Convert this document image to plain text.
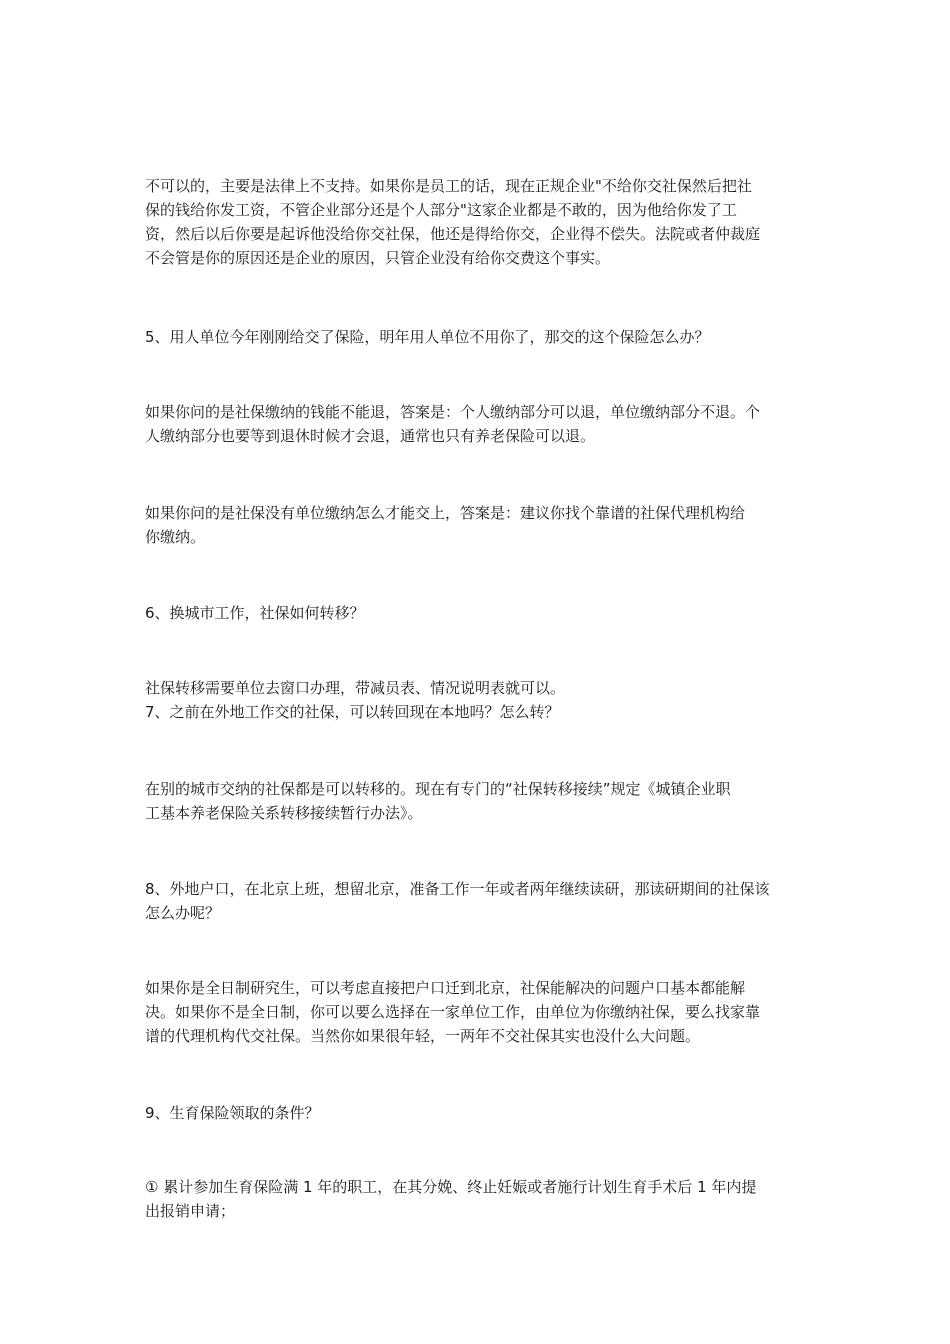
不可以的，主要是法律上不支持。如果你是员工的话，现在正规企业"不给你交社保然后把社
保的钱给你发工资，不管企业部分还是个人部分"这家企业都是不敢的，因为他给你发了工
资，然后以后你要是起诉他没给你交社保，他还是得给你交，企业得不偿失。法院或者仲裁庭
不会管是你的原因还是企业的原因，只管企业没有给你交费这个事实。
5、用人单位今年刚刚给交了保险，明年用人单位不用你了，那交的这个保险怎么办？
如果你问的是社保缴纳的钱能不能退，答案是：个人缴纳部分可以退，单位缴纳部分不退。个
人缴纳部分也要等到退休时候才会退，通常也只有养老保险可以退。
如果你问的是社保没有单位缴纳怎么才能交上，答案是：建议你找个靠谱的社保代理机构给
你缴纳。
6、换城市工作，社保如何转移？
社保转移需要单位去窗口办理，带减员表、情况说明表就可以。
7、之前在外地工作交的社保，可以转回现在本地吗？怎么转？
在别的城市交纳的社保都是可以转移的。现在有专门的“社保转移接续”规定《城镇企业职
工基本养老保险关系转移接续暂行办法》。
8、外地户口，在北京上班，想留北京，准备工作一年或者两年继续读研，那读研期间的社保该
怎么办呢？
如果你是全日制研究生，可以考虑直接把户口迁到北京，社保能解决的问题户口基本都能解
决。如果你不是全日制，你可以要么选择在一家单位工作，由单位为你缴纳社保，要么找家靠
谱的代理机构代交社保。当然你如果很年轻，一两年不交社保其实也没什么大问题。
9、生育保险领取的条件？
① 累计参加生育保险满 1 年的职工，在其分娩、终止妊娠或者施行计划生育手术后 1 年内提
出报销申请；
